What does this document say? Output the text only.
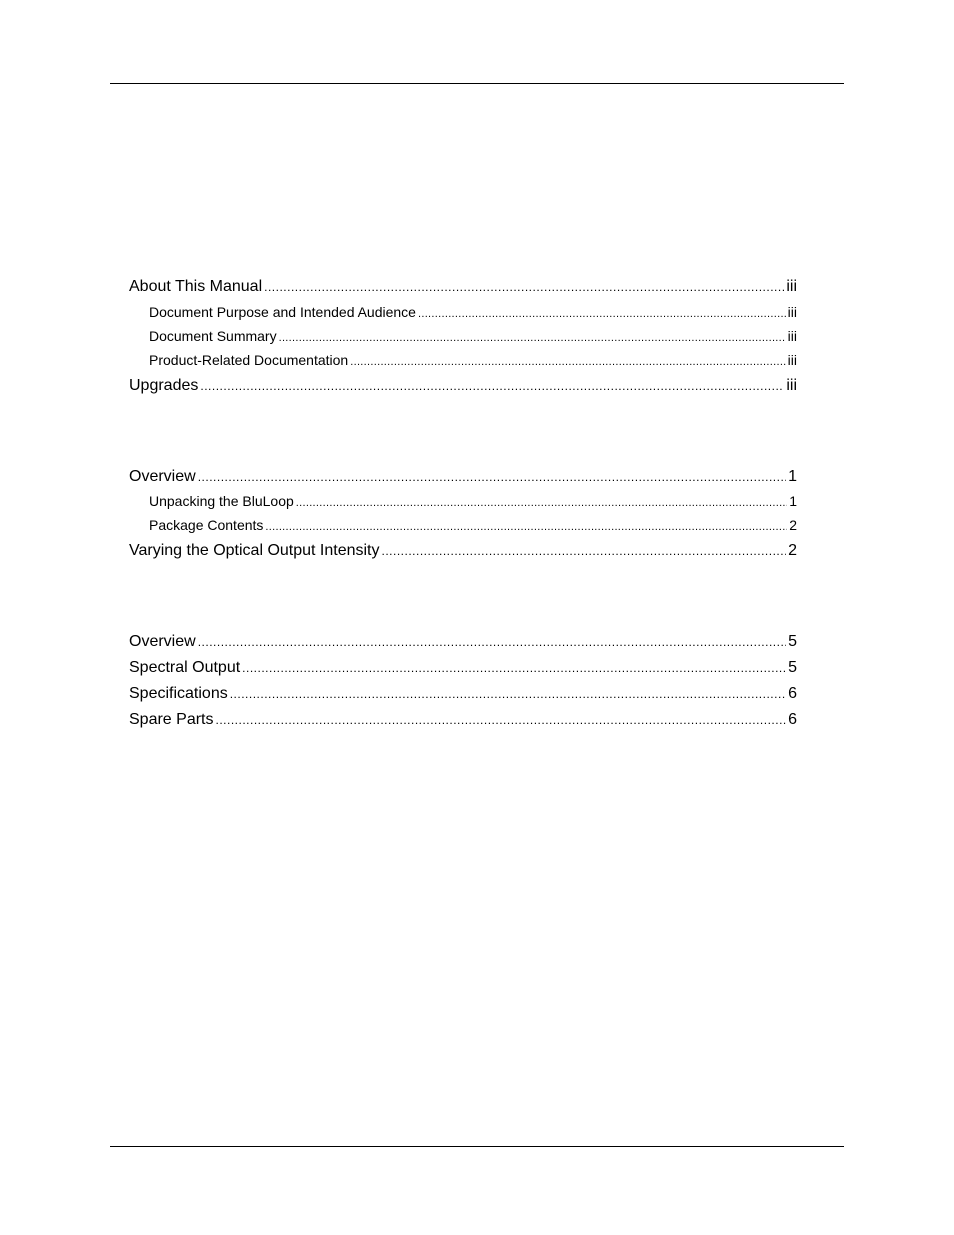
About This Manual .....	iii
Document Purpose and Intended Audience .....	iii
Document Summary .....	iii
Product-Related Documentation .....	iii
Upgrades .....	iii
Overview .....	1
Unpacking the BluLoop .....	1
Package Contents .....	2
Varying the Optical Output Intensity .....	2
Overview .....	5
Spectral Output .....	5
Specifications .....	6
Spare Parts .....	6
